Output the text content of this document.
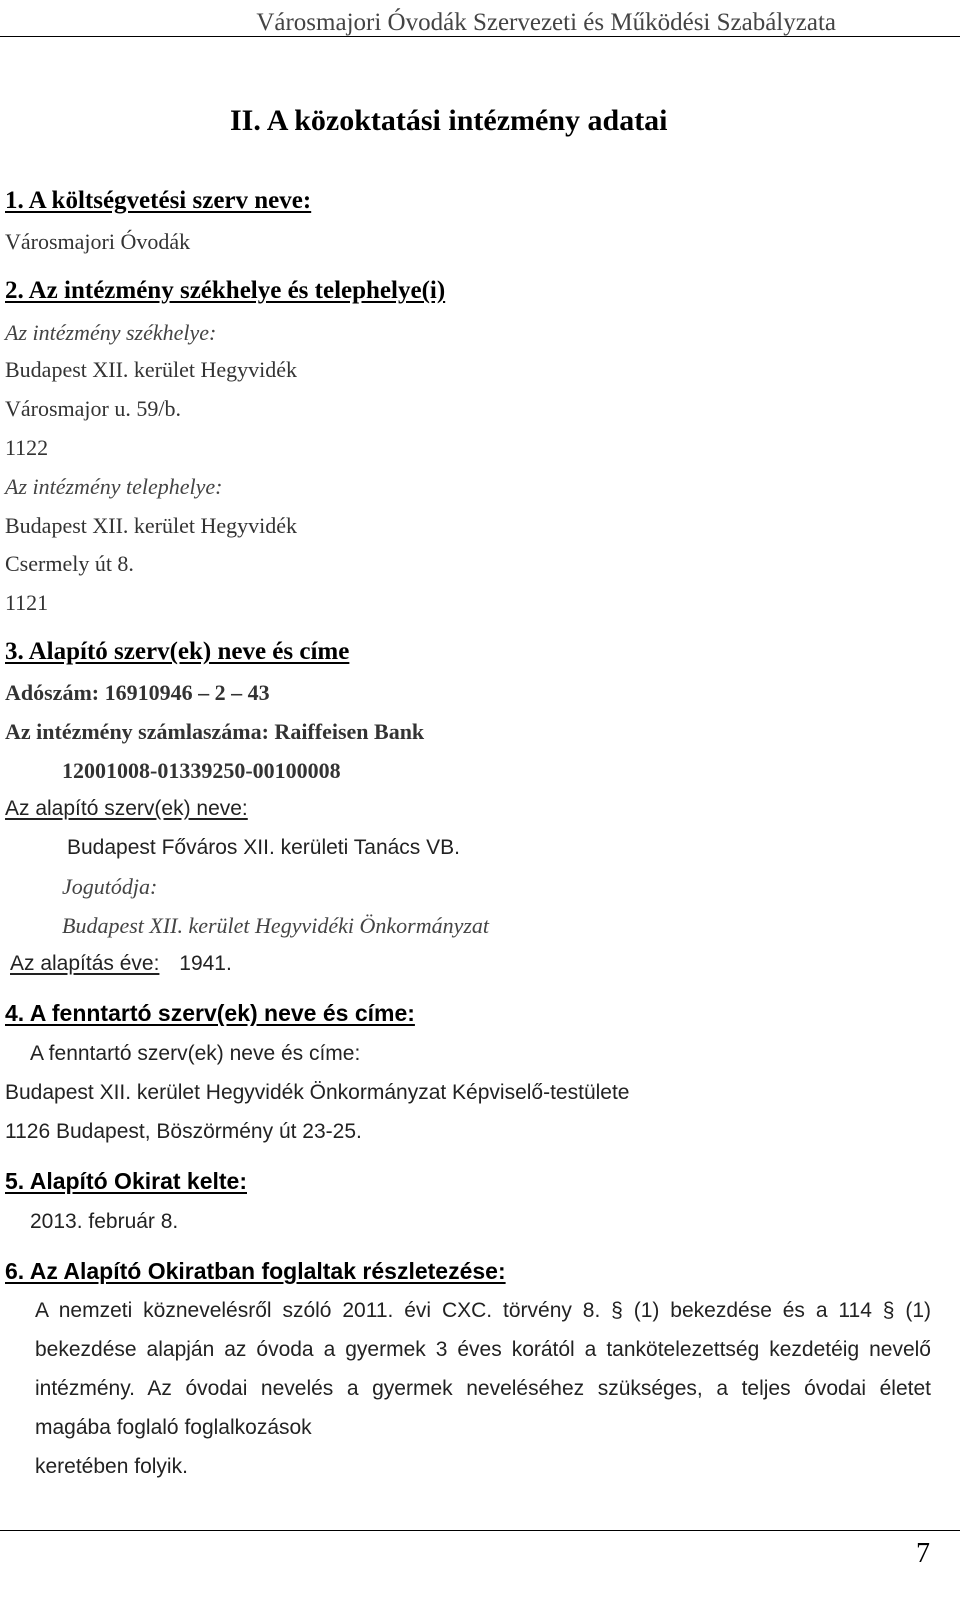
Városmajori Óvodák Szervezeti és Működési Szabályzata
II. A közoktatási intézmény adatai
1. A költségvetési szerv neve:
Városmajori Óvodák
2. Az intézmény székhelye és telephelye(i)
Az intézmény székhelye:
Budapest XII. kerület Hegyvidék
Városmajor u. 59/b.
1122
Az intézmény telephelye:
Budapest XII. kerület Hegyvidék
Csermely út 8.
1121
3. Alapító szerv(ek) neve és címe
Adószám: 16910946 – 2 – 43
Az intézmény számlaszáma: Raiffeisen Bank
12001008-01339250-00100008
Az alapító szerv(ek) neve:
Budapest Főváros XII. kerületi Tanács VB.
Jogutódja:
Budapest XII. kerület Hegyvidéki Önkormányzat
Az alapítás éve: 1941.
4. A fenntartó szerv(ek) neve és címe:
A fenntartó szerv(ek) neve és címe:
Budapest XII. kerület Hegyvidék Önkormányzat Képviselő-testülete
1126 Budapest, Böszörmény út 23-25.
5. Alapító Okirat kelte:
2013. február 8.
6. Az Alapító Okiratban foglaltak részletezése:
A nemzeti köznevelésről szóló 2011. évi CXC. törvény 8. § (1) bekezdése és a 114 § (1)
bekezdése alapján az óvoda a gyermek 3 éves korától a tankötelezettség kezdetéig nevelő
intézmény. Az óvodai nevelés a gyermek neveléséhez szükséges, a teljes óvodai életet
magába foglaló foglalkozások
keretében folyik.
7
